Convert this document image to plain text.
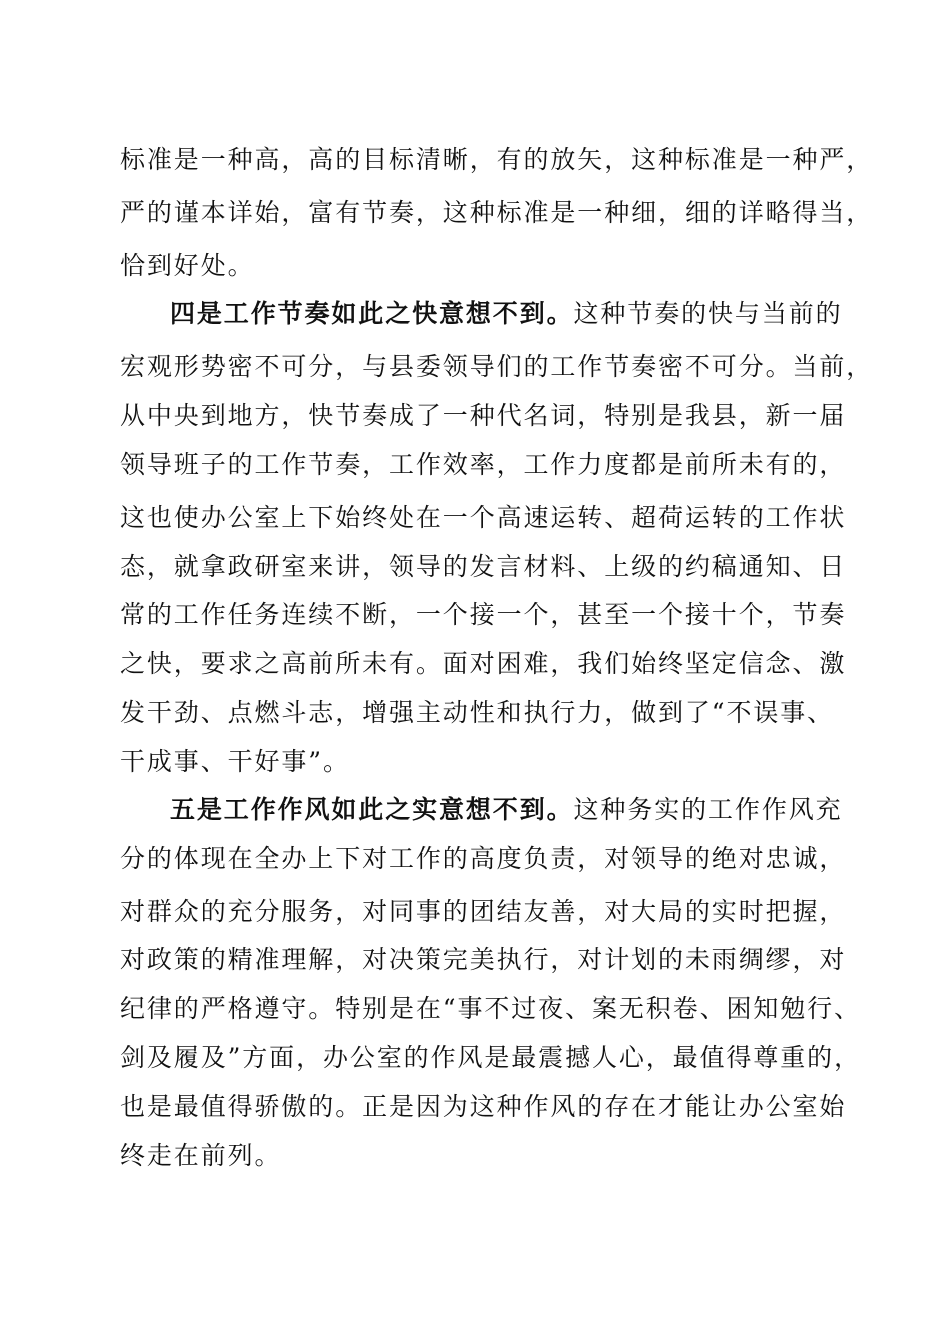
标准是一种高，高的目标清晰，有的放矢，这种标准是一种严，
严的谨本详始，富有节奏，这种标准是一种细，细的详略得当，
恰到好处。
四是工作节奏如此之快意想不到。这种节奏的快与当前的
宏观形势密不可分，与县委领导们的工作节奏密不可分。当前，
从中央到地方，快节奏成了一种代名词，特别是我县，新一届
领导班子的工作节奏，工作效率，工作力度都是前所未有的，
这也使办公室上下始终处在一个高速运转、超荷运转的工作状
态，就拿政研室来讲，领导的发言材料、上级的约稿通知、日
常的工作任务连续不断，一个接一个，甚至一个接十个，节奏
之快，要求之高前所未有。面对困难，我们始终坚定信念、激
发干劲、点燃斗志，增强主动性和执行力，做到了“不误事、
干成事、干好事”。
五是工作作风如此之实意想不到。这种务实的工作作风充
分的体现在全办上下对工作的高度负责，对领导的绝对忠诚，
对群众的充分服务，对同事的团结友善，对大局的实时把握，
对政策的精准理解，对决策完美执行，对计划的未雨绸缪，对
纪律的严格遵守。特别是在“事不过夜、案无积卷、困知勉行、
剑及履及”方面，办公室的作风是最震撼人心，最值得尊重的，
也是最值得骄傲的。正是因为这种作风的存在才能让办公室始
终走在前列。
